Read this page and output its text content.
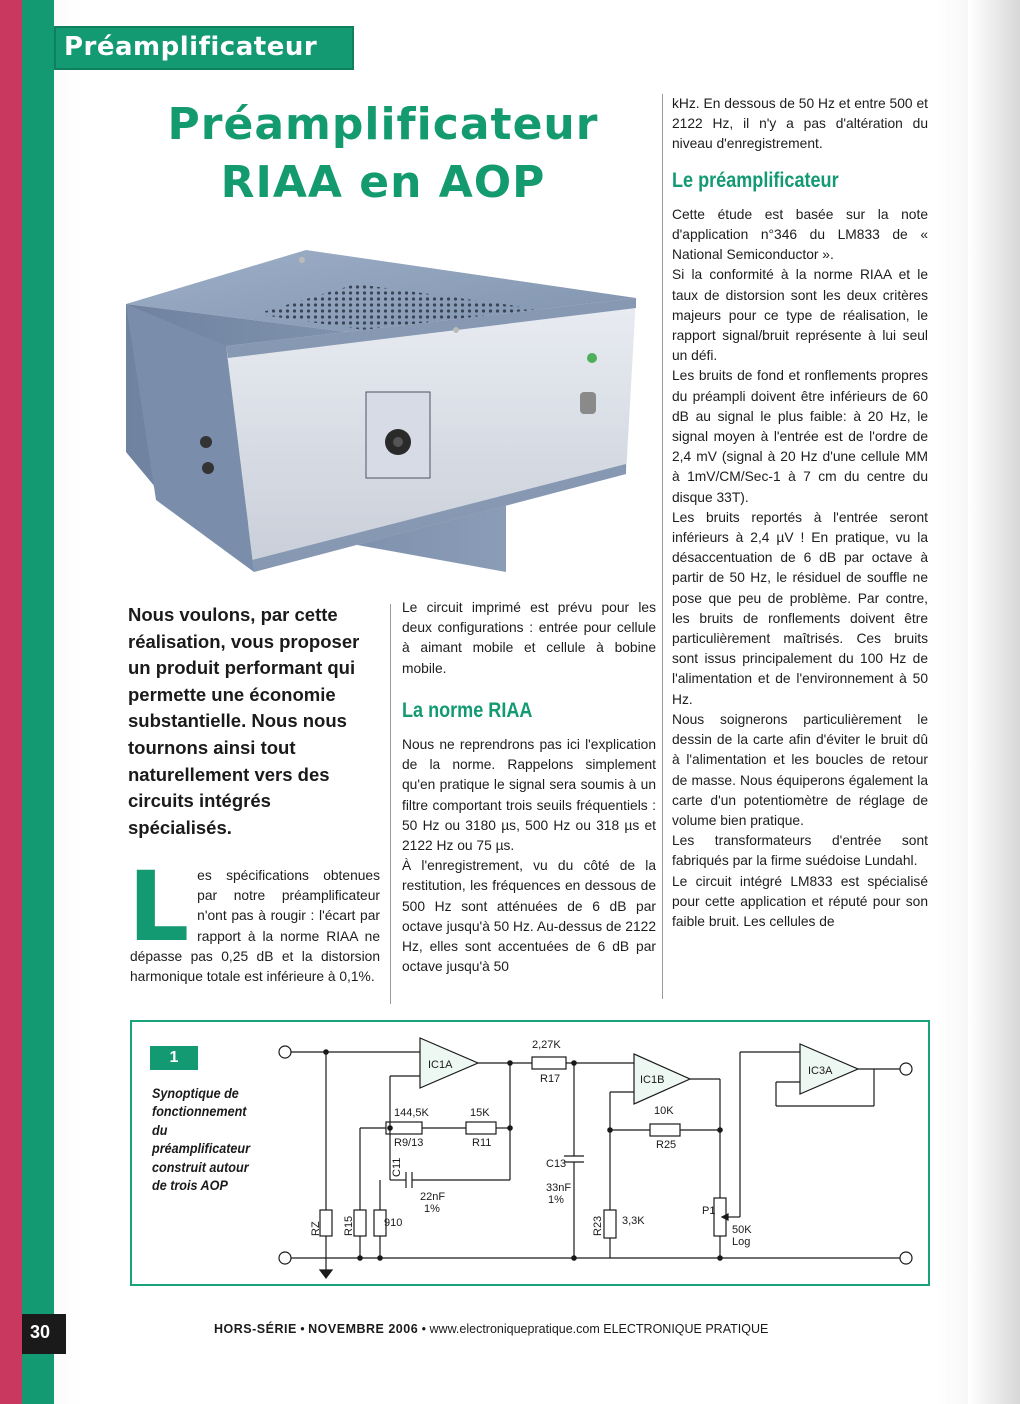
Préamplificateur
Préamplificateur
RIAA en AOP
Nous voulons, par cette réalisation, vous proposer un produit performant qui permette une économie substantielle. Nous nous tournons ainsi tout naturellement vers des circuits intégrés spécialisés.
L es spécifications obtenues par notre préamplificateur n'ont pas à rougir : l'écart par rapport à la norme RIAA ne dépasse pas 0,25 dB et la distorsion harmonique totale est inférieure à 0,1%.

Le circuit imprimé est prévu pour les deux configurations : entrée pour cellule à aimant mobile et cellule à bobine mobile.

La norme RIAA

Nous ne reprendrons pas ici l'explication de la norme. Rappelons simplement qu'en pratique le signal sera soumis à un filtre comportant trois seuils fréquentiels : 50 Hz ou 3180 µs, 500 Hz ou 318 µs et 2122 Hz ou 75 µs.

À l'enregistrement, vu du côté de la restitution, les fréquences en dessous de 500 Hz sont atténuées de 6 dB par octave jusqu'à 50 Hz. Au-dessus de 2122 Hz, elles sont accentuées de 6 dB par octave jusqu'à 50

kHz. En dessous de 50 Hz et entre 500 et 2122 Hz, il n'y a pas d'altération du niveau d'enregistrement.

Le préamplificateur

Cette étude est basée sur la note d'application n°346 du LM833 de « National Semiconductor ».

Si la conformité à la norme RIAA et le taux de distorsion sont les deux critères majeurs pour ce type de réalisation, le rapport signal/bruit représente à lui seul un défi.

Les bruits de fond et ronflements propres du préampli doivent être inférieurs de 60 dB au signal le plus faible: à 20 Hz, le signal moyen à l'entrée est de l'ordre de 2,4 mV (signal à 20 Hz d'une cellule MM à 1mV/CM/Sec-1 à 7 cm du centre du disque 33T).

Les bruits reportés à l'entrée seront inférieurs à 2,4 µV ! En pratique, vu la désaccentuation de 6 dB par octave à partir de 50 Hz, le résiduel de souffle ne pose que peu de problème. Par contre, les bruits de ronflements doivent être particulièrement maîtrisés. Ces bruits sont issus principalement du 100 Hz de l'alimentation et de l'environnement à 50 Hz.

Nous soignerons particulièrement le dessin de la carte afin d'éviter le bruit dû à l'alimentation et les boucles de retour de masse. Nous équiperons également la carte d'un potentiomètre de réglage de volume bien pratique.

Les transformateurs d'entrée sont fabriqués par la firme suédoise Lundahl.

Le circuit intégré LM833 est spécialisé pour cette application et réputé pour son faible bruit. Les cellules de

1
Synoptique de fonctionnement du préamplificateur construit autour de trois AOP
IC1A
IC1B
IC3A
2,27K
R17
144,5K
R9/13
15K
R11
10K
R25
C11
22nF
1%
C13
33nF
1%
RZ R15	910	R23 3,3K
P1
50K
Log
30	HORS-SÉRIE • NOVEMBRE 2006 • www.electroniquepratique.com ELECTRONIQUE PRATIQUE
